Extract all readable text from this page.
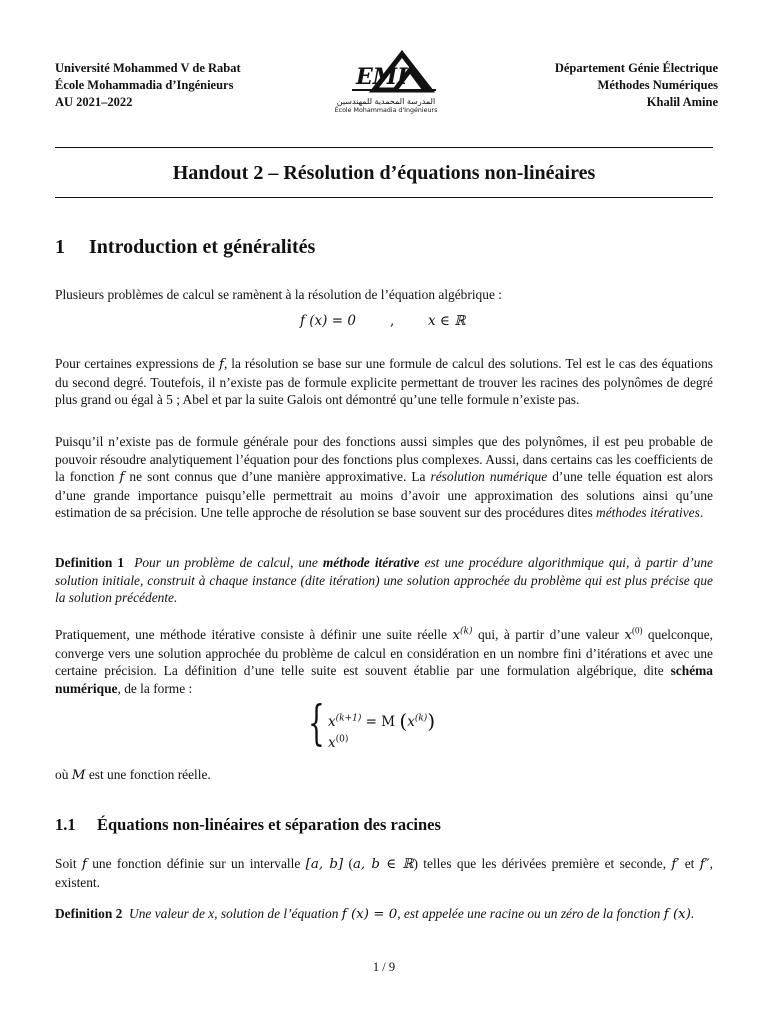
Université Mohammed V de Rabat
École Mohammadia d’Ingénieurs
AU 2021–2022
EMI
المدرسة المحمدية للمهندسين
École Mohammadia d'Ingénieurs
Département Génie Électrique
Méthodes Numériques
Khalil Amine
Handout 2 – Résolution d’équations non-linéaires
1 Introduction et généralités

Plusieurs problèmes de calcul se ramènent à la résolution de l’équation algébrique :

f (x) = 0	, x ∈ ℝ

Pour certaines expressions de f, la résolution se base sur une formule de calcul des solutions. Tel est le cas des équations du second degré. Toutefois, il n’existe pas de formule explicite permettant de trouver les racines des polynômes de degré plus grand ou égal à 5 ; Abel et par la suite Galois ont démontré qu’une telle formule n’existe pas.

Puisqu’il n’existe pas de formule générale pour des fonctions aussi simples que des polynômes, il est peu probable de pouvoir résoudre analytiquement l’équation pour des fonctions plus complexes. Aussi, dans certains cas les coefficients de la fonction f ne sont connus que d’une manière approximative. La résolution numérique d’une telle équation est alors d’une grande importance puisqu’elle permettrait au moins d’avoir une approximation des solutions ainsi qu’une estimation de sa précision. Une telle approche de résolution se base souvent sur des procédures dites méthodes itératives.

Definition 1 Pour un problème de calcul, une méthode itérative est une procédure algorithmique qui, à partir d’une solution initiale, construit à chaque instance (dite itération) une solution approchée du problème qui est plus précise que la solution précédente.

Pratiquement, une méthode itérative consiste à définir une suite réelle $x^{(k)}$ qui, à partir d’une valeur $x^{(0)}$ quelconque, converge vers une solution approchée du problème de calcul en considération en un nombre fini d’itérations et avec une certaine précision. La définition d’une telle suite est souvent établie par une formulation algébrique, dite schéma numérique, de la forme :

{ $x^{(k+1)} = M$ $(x^{(k)})$
$x^{(0)}$

où M est une fonction réelle.

1.1 Équations non-linéaires et séparation des racines

Soit f une fonction définie sur un intervalle [a, b] (a, b ∈ ℝ) telles que les dérivées première et seconde, f′ et f″, existent.

Definition 2 Une valeur de x, solution de l’équation f (x) = 0, est appelée une racine ou un zéro de la fonction f (x).

1 / 9
